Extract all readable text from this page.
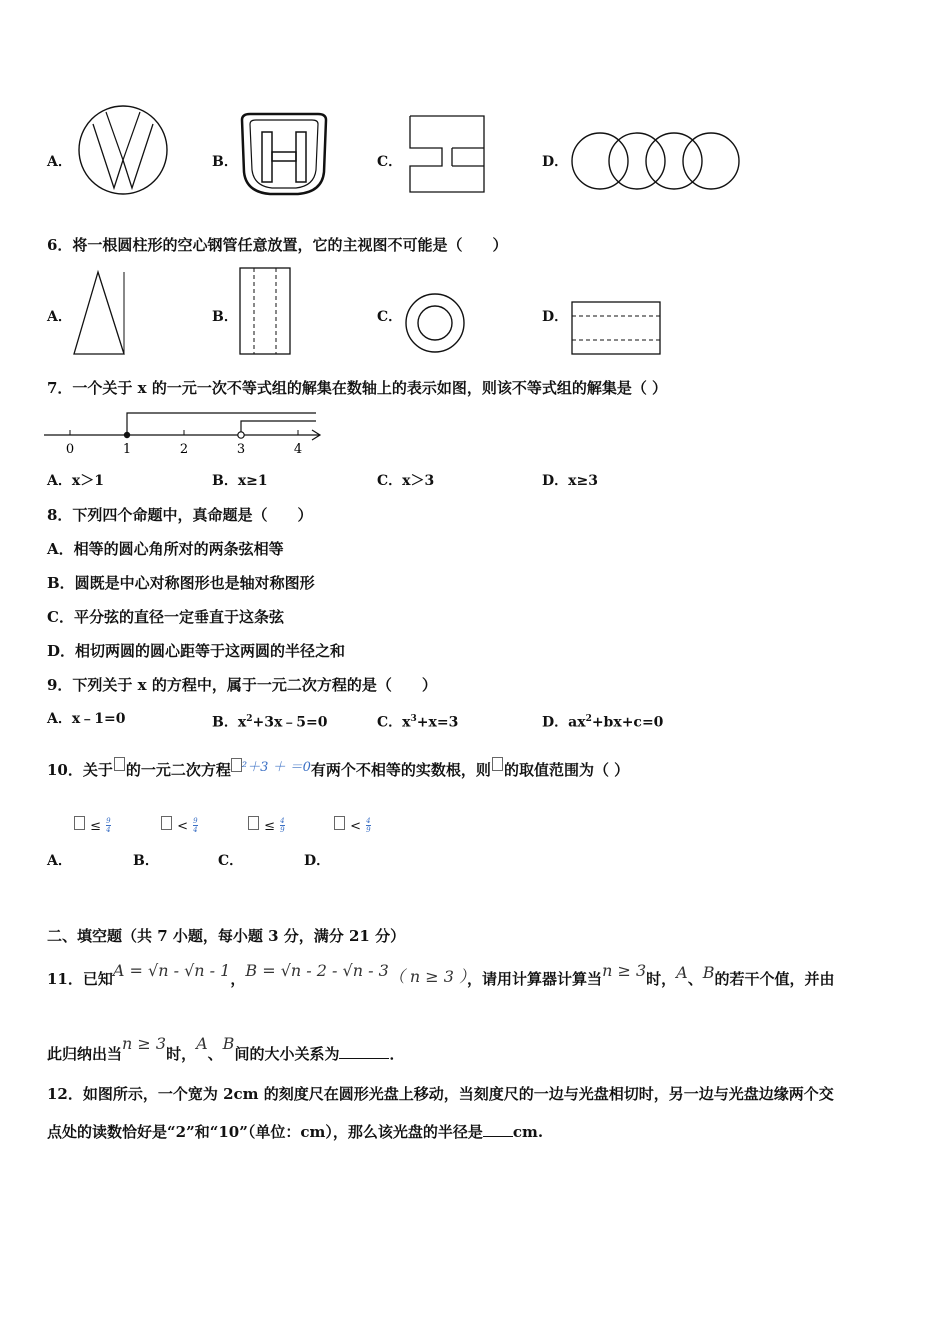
A．
W
B．	H	C．	D．
6．将一根圆柱形的空心钢管任意放置，它的主视图不可能是（　　）
A．	B．	C．	D．
7．一个关于 x 的一元一次不等式组的解集在数轴上的表示如图，则该不等式组的解集是（ ）
0	1	2	3	4
A．x＞1	B．x≥1	C．x＞3	D．x≥3
8．下列四个命题中，真命题是（　　）
A．相等的圆心角所对的两条弦相等
B．圆既是中心对称图形也是轴对称图形
C．平分弦的直径一定垂直于这条弦
D．相切两圆的圆心距等于这两圆的半径之和
9．下列关于 x 的方程中，属于一元二次方程的是（　　）
A．x﹣1=0	B．$x^2+3x﹣5=0$	C．$x^3+x=3$	D．$ax^2+bx+c=0$
10．关于 的一元二次方程 ²＋3 ＋ ＝0有两个不相等的实数根，则 的取值范围为（ ）
≤ $\frac{9}{4}$	< $\frac{9}{4}$	≤ $\frac{4}{9}$	< $\frac{4}{9}$
A．	B．	C．	D．
二、填空题（共 7 小题，每小题 3 分，满分 21 分）
11．已知A = √n - √n - 1，B = √n - 2 - √n - 3（ n ≥ 3 ），请用计算器计算当n ≥ 3时，A、B的若干个值，并由
此归纳出当n ≥ 3时，A、B间的大小关系为	．
12．如图所示，一个宽为 2cm 的刻度尺在圆形光盘上移动，当刻度尺的一边与光盘相切时，另一边与光盘边缘两个交
点处的读数恰好是“2”和“10”（单位：cm），那么该光盘的半径是 cm.
